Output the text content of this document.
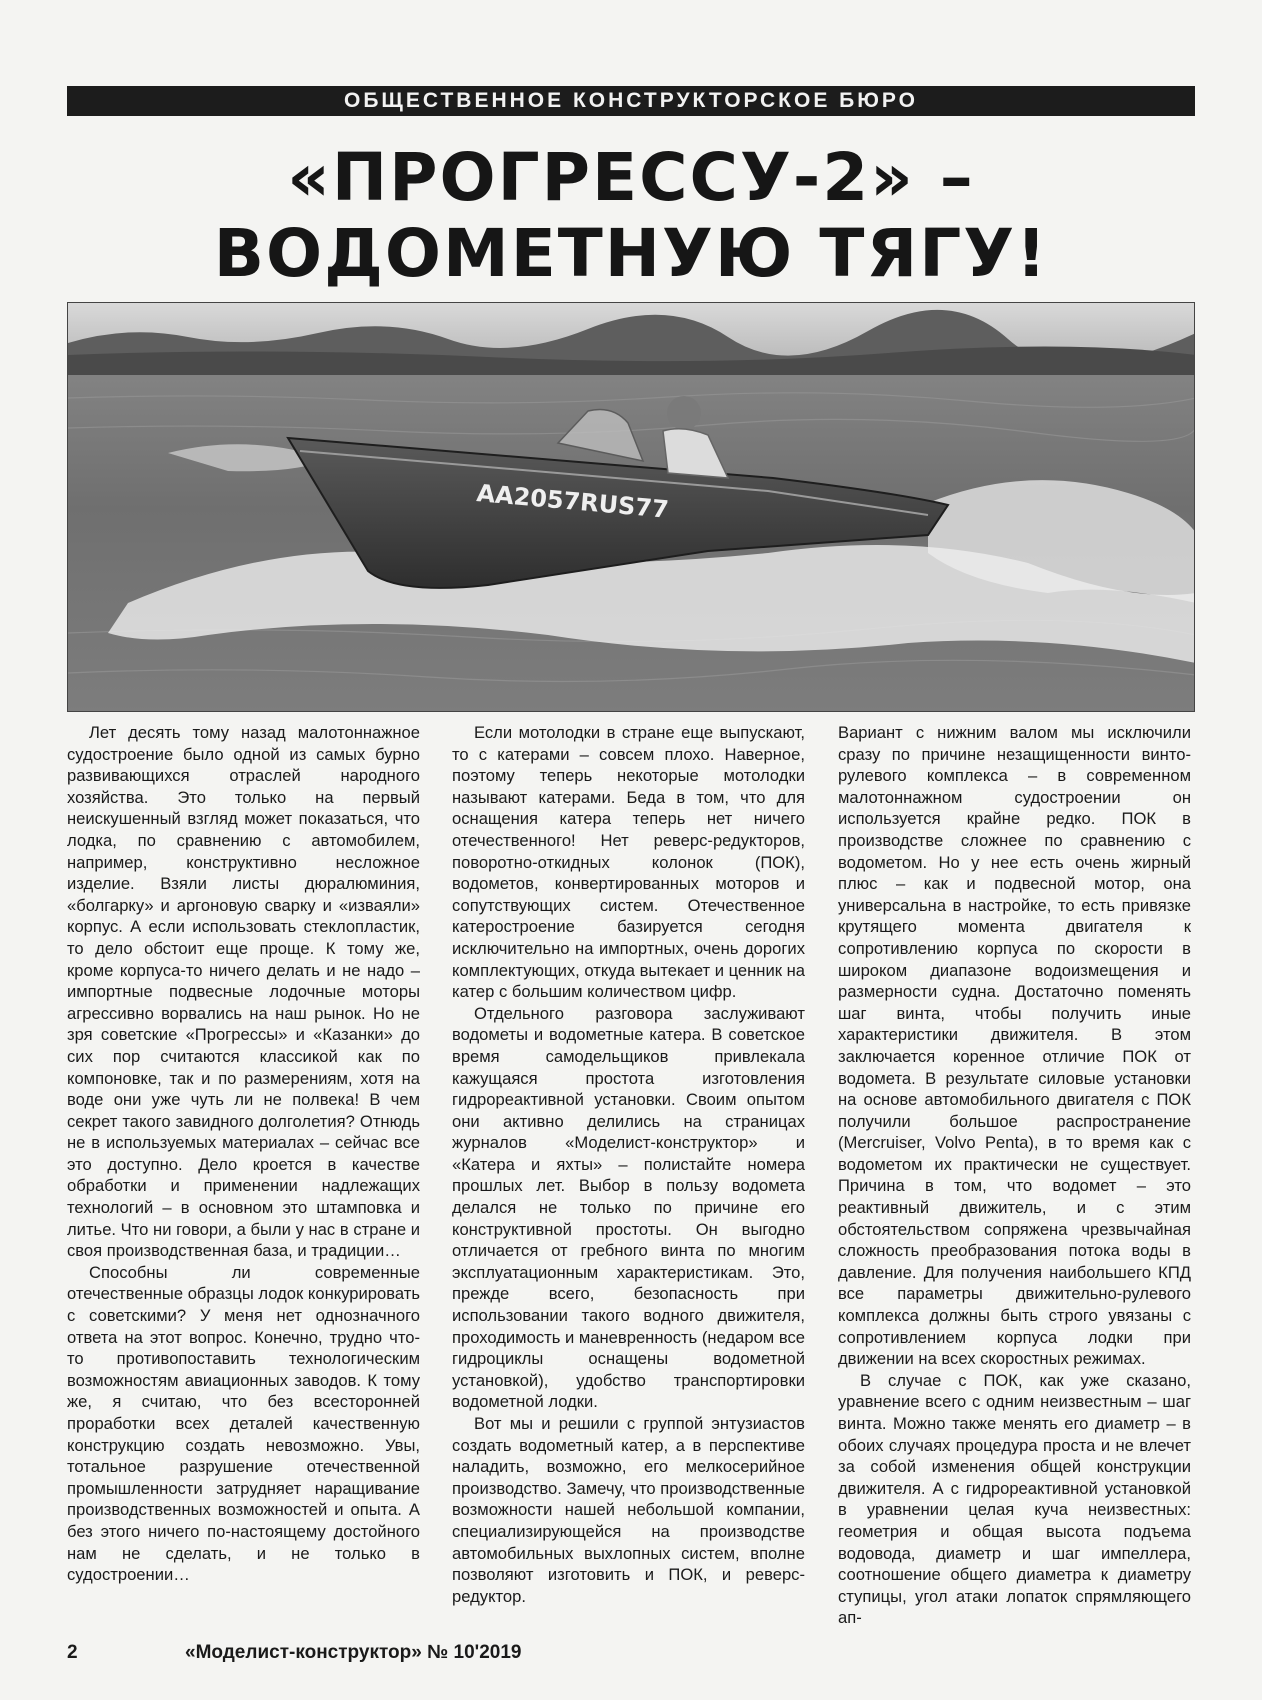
ОБЩЕСТВЕННОЕ КОНСТРУКТОРСКОЕ БЮРО
«ПРОГРЕССУ-2» –
ВОДОМЕТНУЮ ТЯГУ!
AA2057RUS77

Лет десять тому назад малотоннажное судостроение было одной из самых бурно развивающихся отраслей народного хозяйства. Это только на первый неискушенный взгляд может показаться, что лодка, по сравнению с автомобилем, например, конструктивно несложное изделие. Взяли листы дюралюминия, «болгарку» и аргоновую сварку и «изваяли» корпус. А если использовать стеклопластик, то дело обстоит еще проще. К тому же, кроме корпуса-то ничего делать и не надо – импортные подвесные лодочные моторы агрессивно ворвались на наш рынок. Но не зря советские «Прогрессы» и «Казанки» до сих пор считаются классикой как по компоновке, так и по размерениям, хотя на воде они уже чуть ли не полвека! В чем секрет такого завидного долголетия? Отнюдь не в используемых материалах – сейчас все это доступно. Дело кроется в качестве обработки и применении надлежащих технологий – в основном это штамповка и литье. Что ни говори, а были у нас в стране и своя производственная база, и традиции…

Способны ли современные отечественные образцы лодок конкурировать с советскими? У меня нет однозначного ответа на этот вопрос. Конечно, трудно что-то противопоставить технологическим возможностям авиационных заводов. К тому же, я считаю, что без всесторонней проработки всех деталей качественную конструкцию создать невозможно. Увы, тотальное разрушение отечественной промышленности затрудняет наращивание производственных возможностей и опыта. А без этого ничего по-настоящему достойного нам не сделать, и не только в судостроении…

Если мотолодки в стране еще выпускают, то с катерами – совсем плохо. Наверное, поэтому теперь некоторые мотолодки называют катерами. Беда в том, что для оснащения катера теперь нет ничего отечественного! Нет реверс-редукторов, поворотно-откидных колонок (ПОК), водометов, конвертированных моторов и сопутствующих систем. Отечественное катеростроение базируется сегодня исключительно на импортных, очень дорогих комплектующих, откуда вытекает и ценник на катер с большим количеством цифр.

Отдельного разговора заслуживают водометы и водометные катера. В советское время самодельщиков привлекала кажущаяся простота изготовления гидрореактивной установки. Своим опытом они активно делились на страницах журналов «Моделист-конструктор» и «Катера и яхты» – полистайте номера прошлых лет. Выбор в пользу водомета делался не только по причине его конструктивной простоты. Он выгодно отличается от гребного винта по многим эксплуатационным характеристикам. Это, прежде всего, безопасность при использовании такого водного движителя, проходимость и маневренность (недаром все гидроциклы оснащены водометной установкой), удобство транспортировки водометной лодки.

Вот мы и решили с группой энтузиастов создать водометный катер, а в перспективе наладить, возможно, его мелкосерийное производство. Замечу, что производственные возможности нашей небольшой компании, специализирующейся на производстве автомобильных выхлопных систем, вполне позволяют изготовить и ПОК, и реверс-редуктор.

Вариант с нижним валом мы исключили сразу по причине незащищенности винто-рулевого комплекса – в современном малотоннажном судостроении он используется крайне редко. ПОК в производстве сложнее по сравнению с водометом. Но у нее есть очень жирный плюс – как и подвесной мотор, она универсальна в настройке, то есть привязке крутящего момента двигателя к сопротивлению корпуса по скорости в широком диапазоне водоизмещения и размерности судна. Достаточно поменять шаг винта, чтобы получить иные характеристики движителя. В этом заключается коренное отличие ПОК от водомета. В результате силовые установки на основе автомобильного двигателя с ПОК получили большое распространение (Mercruiser, Volvo Penta), в то время как с водометом их практически не существует. Причина в том, что водомет – это реактивный движитель, и с этим обстоятельством сопряжена чрезвычайная сложность преобразования потока воды в давление. Для получения наибольшего КПД все параметры движительно-рулевого комплекса должны быть строго увязаны с сопротивлением корпуса лодки при движении на всех скоростных режимах.

В случае с ПОК, как уже сказано, уравнение всего с одним неизвестным – шаг винта. Можно также менять его диаметр – в обоих случаях процедура проста и не влечет за собой изменения общей конструкции движителя. А с гидрореактивной установкой в уравнении целая куча неизвестных: геометрия и общая высота подъема водовода, диаметр и шаг импеллера, соотношение общего диаметра к диаметру ступицы, угол атаки лопаток спрямляющего ап-

2	«Моделист-конструктор» № 10'2019
